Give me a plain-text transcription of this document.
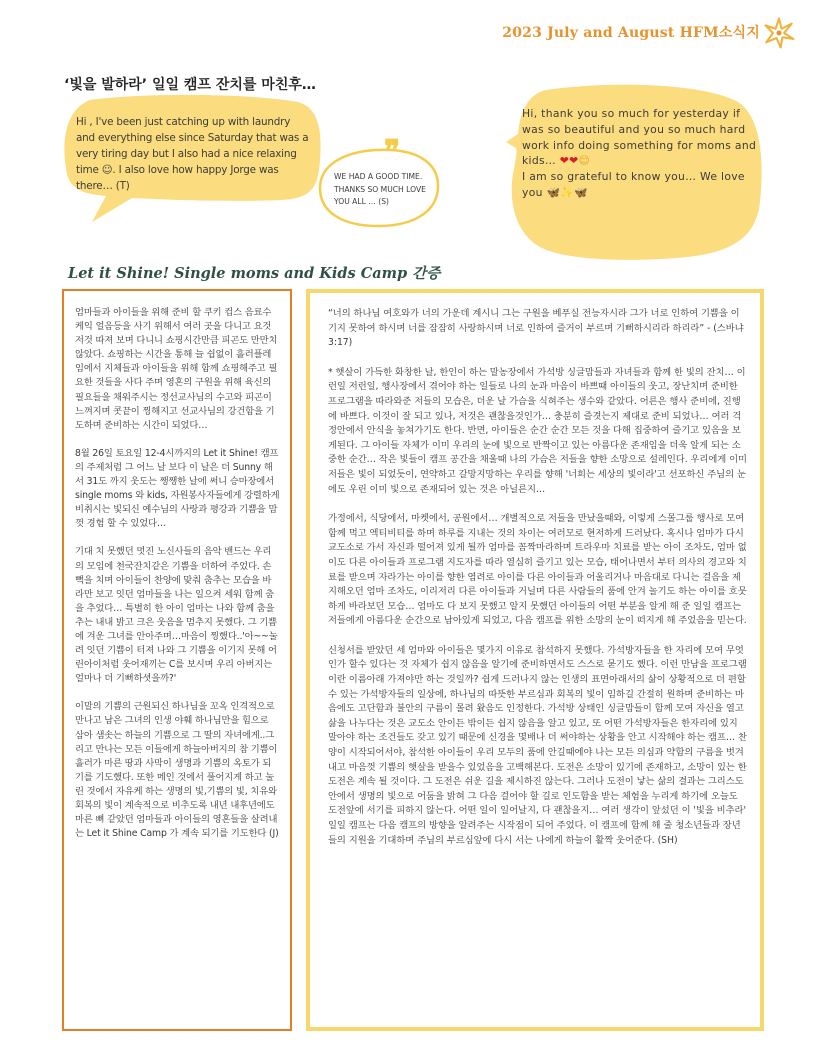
2023 July and August HFM소식지
‘빛을 발하라’ 일일 캠프 잔치를 마친후…
Hi , I've been just catching up with laundry and everything else since Saturday that was a very tiring day but I also had a nice relaxing time ☺. I also love how happy Jorge was there… (T)
❞
WE HAD A GOOD TIME. THANKS SO MUCH LOVE YOU ALL … (S)
Hi, thank you so much for yesterday if was so beautiful and you so much hard work info doing something for moms and kids… ❤❤😊
I am so grateful to know you… We love you 🦋✨🦋
Let it Shine! Single moms and Kids Camp 간증

엄마들과 아이들을 위해 준비 할 쿠키 컵스 음료수 케익 얼음등을 사기 위해서 여러 곳을 다니고 요것 저것 따져 보며 다니니 쇼핑시간만큼 피곤도 만만치 않았다. 쇼핑하는 시간을 통해 늘 쉽없이 흘러플레임에서 지체들과 아이들을 위해 함께 쇼핑해주고 필요한 것들을 사다 주며 영혼의 구원을 위해 육신의 필요들을 채워주시는 정선교사님의 수고와 피곤이 느껴지며 콧끝이 찡해지고 선교사님의 강건함을 기도하며 준비하는 시간이 되었다…

8월 26일 토요일 12-4시까지의 Let it Shine! 캠프의 주제처럼 그 어느 날 보다 이 날은 더 Sunny 해서 31도 까지 웃도는 쨍쨍한 날에 써니 승마장에서 single moms 와 kids, 자원봉사자들에게 강렬하게 비취시는 빛되신 예수님의 사랑과 평강과 기쁨을 맘껏 경험 할 수 있었다…

기대 치 못했던 멋진 노신사들의 음악 밴드는 우리의 모임에 천국잔치같은 기쁨을 더하여 주었다. 손뼉을 치며 아이들이 찬양에 맞춰 춤추는 모습을 바라만 보고 잇던 엄마들을 나는 일으켜 세워 함께 춤을 추었다… 특별히 한 아이 엄마는 나와 함께 춤을 추는 내내 밝고 크은 웃음을 멈추지 못했다. 그 기쁨에 겨운 그녀를 안아주며…마음이 찡했다..'아~~눌려 잇던 기쁨이 터져 나와 그 기쁨을 이기지 못해 어린아이처럼 웃어재끼는 C를 보시며 우리 아버지는 얼마나 더 기뻐하셧을까?'

이말의 기쁨의 근원되신 하나님을 꼬옥 인격적으로 만나고 남은 그녀의 인생 야훼 하나님만을 힘으로 삼아 샘솟는 하늘의 기쁨으로 그 딸의 자녀에게..그리고 만나는 모든 이들에게 하늘아버지의 참 기쁨이 흘러가 마른 땅과 사막이 생명과 기쁨의 옥토가 되기를 기도했다. 또한 메인 것에서 풀어지게 하고 눌린 것에서 자유케 하는 생명의 빛,기쁨의 빛, 치유와 회복의 빛이 계속적으로 비추도록 내년 내후년에도 마른 뼈 같았던 엄마들과 아이들의 영혼들을 살려내는 Let it Shine Camp 가 계속 되기를 기도한다 (J)

“너의 하나님 여호와가 너의 가운데 계시니 그는 구원을 베푸실 전능자시라 그가 너로 인하여 기쁨을 이기지 못하여 하시며 너를 잠잠히 사랑하시며 너로 인하여 즐거이 부르며 기뻐하시리라 하리라” - (스바냐 3:17)

* 햇살이 가득한 화창한 날, 한인이 하는 말농장에서 가석방 싱글맘들과 자녀들과 함께 한 빛의 잔치… 이런일 저런일, 행사장에서 겪어야 하는 일들로 나의 눈과 마음이 바쁘때 아이들의 웃고, 장난치며 준비한 프로그램을 따라와준 저들의 모습은, 더운 날 가슴을 식혀주는 생수와 같았다. 어른은 행사 준비에, 진행에 바쁘다. 이것이 잘 되고 있나, 저것은 괜찮을것인가… 충분히 즐겻는지 제대로 준비 되었나… 여러 걱정안에서 안식을 놓쳐가기도 한다. 반면, 아이들은 순간 순간 모든 것을 다해 집중하여 즐기고 있음을 보게된다. 그 아이들 자체가 이미 우리의 눈에 빛으로 반짝이고 있는 아름다운 존재임을 더욱 알게 되는 소중한 순간… 작은 빛들이 캠프 공간을 채울때 나의 가슴은 저들을 향한 소망으로 설레인다. 우리에게 이미 저들은 빛이 되었듯이, 연약하고 갈망지망하는 우리를 향해 '너희는 세상의 빛이라'고 선포하신 주님의 눈에도 우린 이미 빛으로 존재되어 있는 것은 아닐른지…

가정에서, 식당에서, 마켓에서, 공원에서… 개별적으로 저들을 만났을때와, 이렇게 스몰그룹 행사로 모여 함께 먹고 엑티비티를 하며 하루를 지내는 것의 차이는 여러모로 현저하게 드러났다. 혹시나 엄마가 다시 교도소로 가서 자신과 떨어져 있게 될까 엄마를 꼼짝마라하며 트라우마 치료를 받는 아이 조차도, 엄마 없이도 다른 아이들과 프로그램 지도자를 따라 열심히 즐기고 있는 모습, 태어나면서 부터 의사의 경고와 치료를 받으며 자라가는 아이를 향한 염려로 아이를 다른 아이들과 어울리거나 마음대로 다니는 걸음을 제지해오던 엄마 조차도, 이리저리 다른 아이들과 거닐며 다른 사람들의 품에 안겨 놀기도 하는 아이를 흐뭇하게 바라보던 모습… 엄마도 다 보지 못했고 알지 못했던 아이들의 어떤 부분을 알게 해 준 일일 캠프는 저들에게 아름다운 순간으로 남아있게 되었고, 다음 캠프를 위한 소망의 눈이 떠지게 해 주었음을 믿는다.

신청서를 받았던 세 엄마와 아이들은 몇가지 이유로 참석하지 못했다. 가석방자들을 한 자리에 모여 무엇인가 할수 있다는 것 자체가 쉽지 않음을 알기에 준비하면서도 스스로 묻기도 했다. 이런 만남을 프로그램이란 이름아래 가져야만 하는 것일까? 쉽게 드러나지 않는 인생의 표면아래서의 삶이 상황적으로 더 편할수 있는 가석방자들의 일상에, 하나님의 따뜻한 부르심과 회복의 빛이 임하길 간절히 원하며 준비하는 마음에도 고단함과 불안의 구름이 몰려 왔음도 인정한다. 가석방 상태인 싱글맘들이 함께 모여 자신을 열고 삶을 나누다는 것은 교도소 안이든 밖이든 쉽지 않음을 알고 있고, 또 어떤 가석방자들은 한자리에 있지 말아야 하는 조건들도 갖고 있기 때문에 신경을 몇배나 더 써야하는 상황을 안고 시작해야 하는 캠프… 찬양이 시작되어서야, 참석한 아이들이 우리 모두의 품에 안길때에야 나는 모든 의심과 약함의 구름을 벗겨 내고 마음껏 기쁨의 햇살을 받을수 있었음을 고백해본다. 도전은 소망이 있기에 존재하고, 소망이 있는 한 도전은 계속 될 것이다. 그 도전은 쉬운 길을 제시하진 않는다. 그러나 도전이 낳는 삶의 결과는 그리스도안에서 생명의 빛으로 어둠을 밝혀 그 다음 걸어야 할 길로 인도함을 받는 체험을 누리게 하기에 오늘도 도전앞에 서기를 피하지 않는다. 어떤 일이 일어날지, 다 괜찮을지… 여러 생각이 앞섰던 이 '빛을 비추라' 일일 캠프는 다음 캠프의 방향을 알려주는 시작점이 되어 주었다. 이 캠프에 함께 해 줄 청소년들과 장년들의 지원을 기대하며 주님의 부르심앞에 다시 서는 나에게 하늘이 활짝 웃어준다. (SH)
